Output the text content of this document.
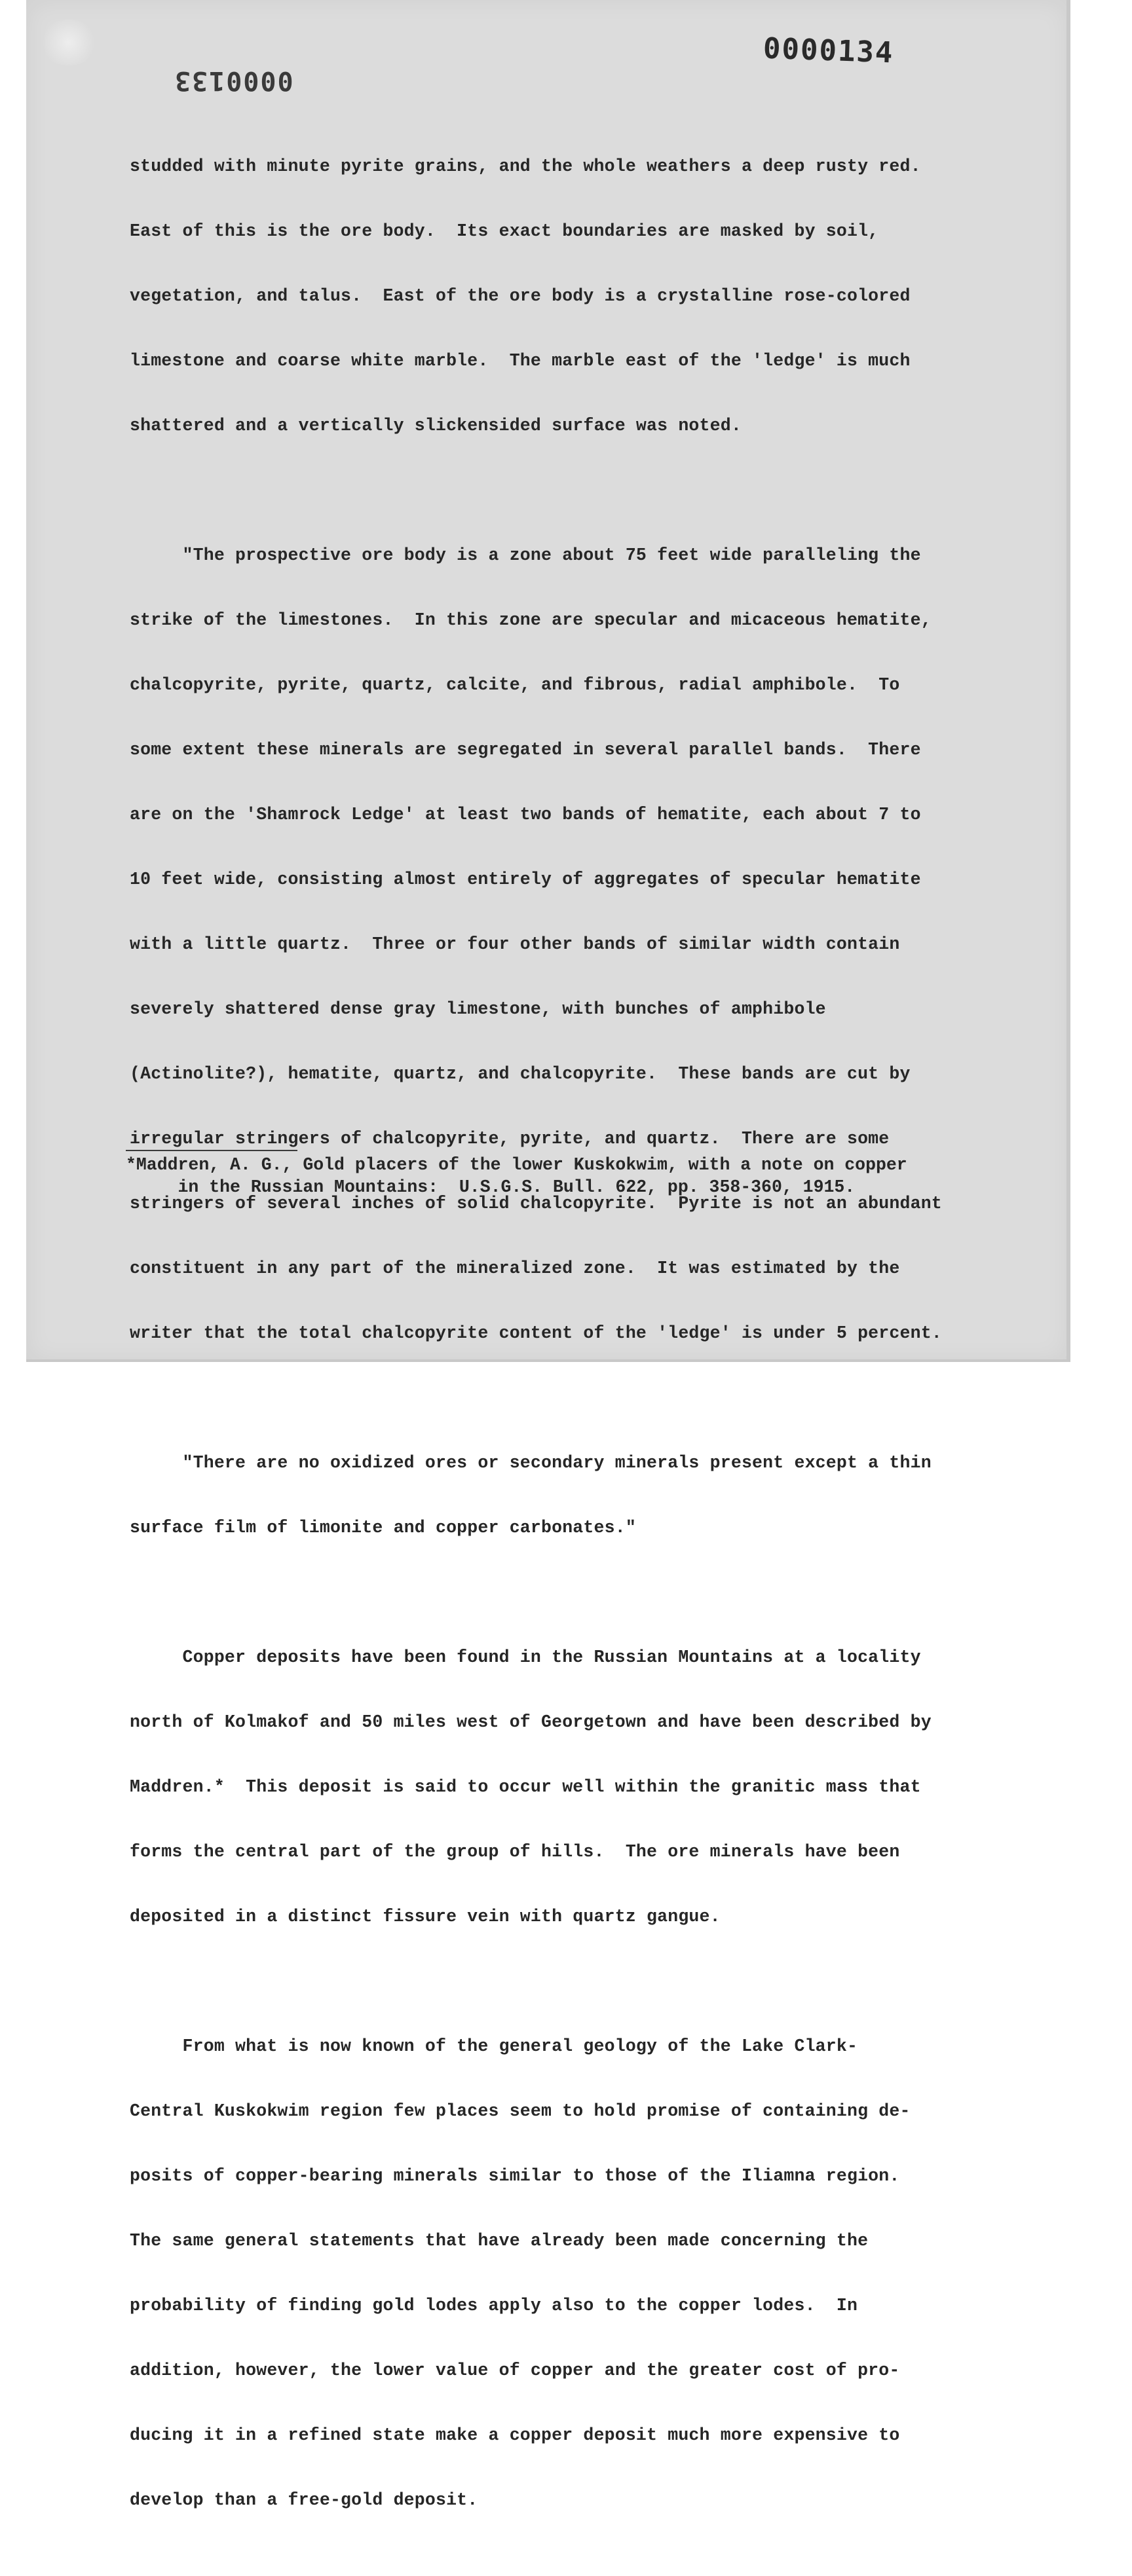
0000134
0000133

studded with minute pyrite grains, and the whole weathers a deep rusty red.

East of this is the ore body.  Its exact boundaries are masked by soil,

vegetation, and talus.  East of the ore body is a crystalline rose-colored

limestone and coarse white marble.  The marble east of the 'ledge' is much

shattered and a vertically slickensided surface was noted.

"The prospective ore body is a zone about 75 feet wide paralleling the

strike of the limestones.  In this zone are specular and micaceous hematite,

chalcopyrite, pyrite, quartz, calcite, and fibrous, radial amphibole.  To

some extent these minerals are segregated in several parallel bands.  There

are on the 'Shamrock Ledge' at least two bands of hematite, each about 7 to

10 feet wide, consisting almost entirely of aggregates of specular hematite

with a little quartz.  Three or four other bands of similar width contain

severely shattered dense gray limestone, with bunches of amphibole

(Actinolite?), hematite, quartz, and chalcopyrite.  These bands are cut by

irregular stringers of chalcopyrite, pyrite, and quartz.  There are some

stringers of several inches of solid chalcopyrite.  Pyrite is not an abundant

constituent in any part of the mineralized zone.  It was estimated by the

writer that the total chalcopyrite content of the 'ledge' is under 5 percent.

"There are no oxidized ores or secondary minerals present except a thin

surface film of limonite and copper carbonates."

Copper deposits have been found in the Russian Mountains at a locality

north of Kolmakof and 50 miles west of Georgetown and have been described by

Maddren.*  This deposit is said to occur well within the granitic mass that

forms the central part of the group of hills.  The ore minerals have been

deposited in a distinct fissure vein with quartz gangue.

From what is now known of the general geology of the Lake Clark-

Central Kuskokwim region few places seem to hold promise of containing de-

posits of copper-bearing minerals similar to those of the Iliamna region.

The same general statements that have already been made concerning the

probability of finding gold lodes apply also to the copper lodes.  In

addition, however, the lower value of copper and the greater cost of pro-

ducing it in a refined state make a copper deposit much more expensive to

develop than a free-gold deposit.

*Maddren, A. G., Gold placers of the lower Kuskokwim, with a note on copper
in the Russian Mountains:  U.S.G.S. Bull. 622, pp. 358-360, 1915.
